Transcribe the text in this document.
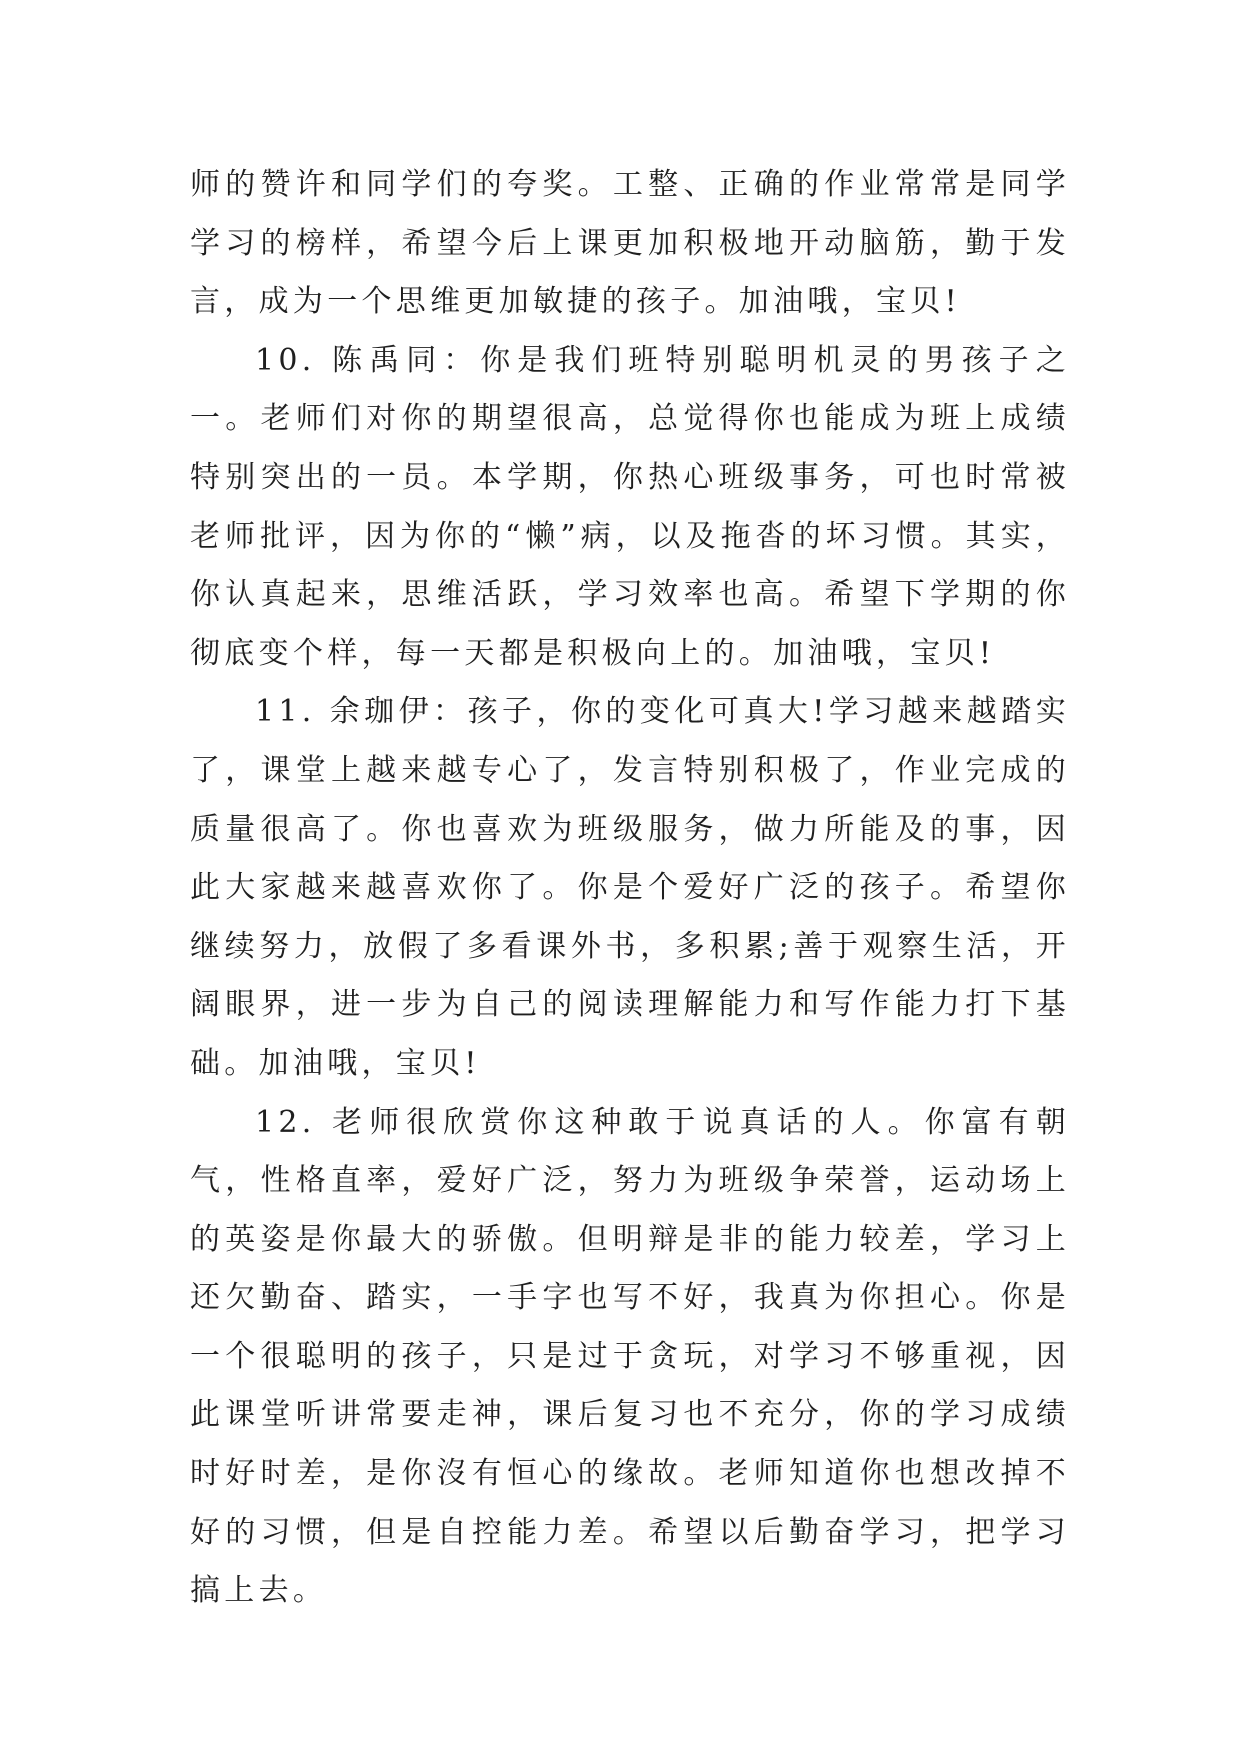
师的赞许和同学们的夸奖。工整、正确的作业常常是同学学习的榜样，希望今后上课更加积极地开动脑筋，勤于发言，成为一个思维更加敏捷的孩子。加油哦，宝贝!

10. 陈禹同：你是我们班特别聪明机灵的男孩子之一。老师们对你的期望很高，总觉得你也能成为班上成绩特别突出的一员。本学期，你热心班级事务，可也时常被老师批评，因为你的“懒”病，以及拖沓的坏习惯。其实，你认真起来，思维活跃，学习效率也高。希望下学期的你彻底变个样，每一天都是积极向上的。加油哦，宝贝!

11. 余珈伊：孩子，你的变化可真大!学习越来越踏实了，课堂上越来越专心了，发言特别积极了，作业完成的质量很高了。你也喜欢为班级服务，做力所能及的事，因此大家越来越喜欢你了。你是个爱好广泛的孩子。希望你继续努力，放假了多看课外书，多积累;善于观察生活，开阔眼界，进一步为自己的阅读理解能力和写作能力打下基础。加油哦，宝贝!

12. 老师很欣赏你这种敢于说真话的人。你富有朝气，性格直率，爱好广泛，努力为班级争荣誉，运动场上的英姿是你最大的骄傲。但明辩是非的能力较差，学习上还欠勤奋、踏实，一手字也写不好，我真为你担心。你是一个很聪明的孩子，只是过于贪玩，对学习不够重视，因此课堂听讲常要走神，课后复习也不充分，你的学习成绩时好时差，是你沒有恒心的缘故。老师知道你也想改掉不好的习惯，但是自控能力差。希望以后勤奋学习，把学习搞上去。
